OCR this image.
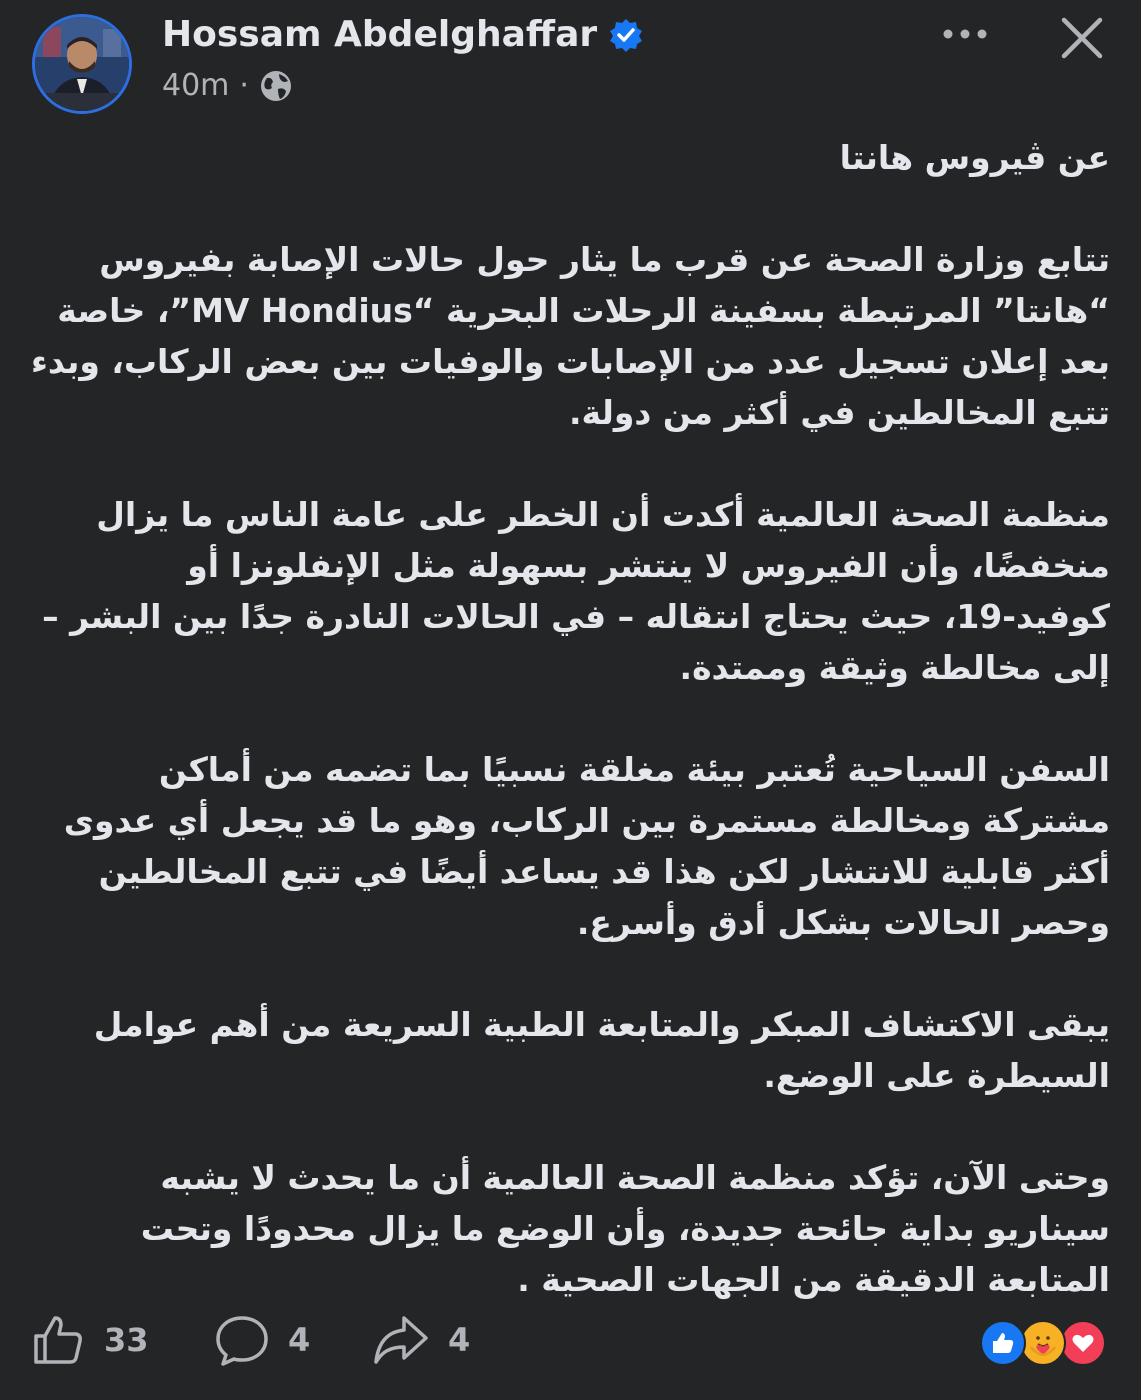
Hossam Abdelghaffar
40m ·

عن ڤيروس هانتا

تتابع وزارة الصحة عن قرب ما يثار حول حالات الإصابة بفيروس “هانتا” المرتبطة بسفينة الرحلات البحرية “MV Hondius”، خاصة بعد إعلان تسجيل عدد من الإصابات والوفيات بين بعض الركاب، وبدء تتبع المخالطين في أكثر من دولة.

منظمة الصحة العالمية أكدت أن الخطر على عامة الناس ما يزال منخفضًا، وأن الفيروس لا ينتشر بسهولة مثل الإنفلونزا أو كوفيد-19، حيث يحتاج انتقاله – في الحالات النادرة جدًا بين البشر – إلى مخالطة وثيقة وممتدة.

السفن السياحية تُعتبر بيئة مغلقة نسبيًا بما تضمه من أماكن مشتركة ومخالطة مستمرة بين الركاب، وهو ما قد يجعل أي عدوى أكثر قابلية للانتشار لكن هذا قد يساعد أيضًا في تتبع المخالطين وحصر الحالات بشكل أدق وأسرع.

يبقى الاكتشاف المبكر والمتابعة الطبية السريعة من أهم عوامل السيطرة على الوضع.

وحتى الآن، تؤكد منظمة الصحة العالمية أن ما يحدث لا يشبه سيناريو بداية جائحة جديدة، وأن الوضع ما يزال محدودًا وتحت المتابعة الدقيقة من الجهات الصحية .

33	4	4
